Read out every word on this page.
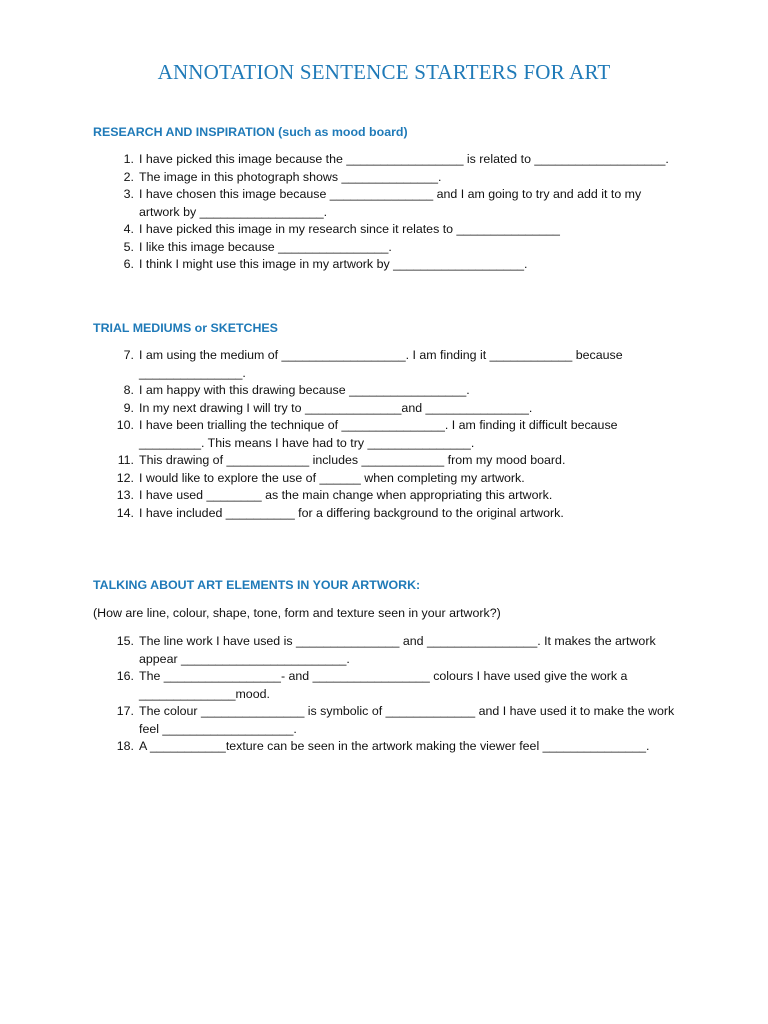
ANNOTATION SENTENCE STARTERS FOR ART
RESEARCH AND INSPIRATION (such as mood board)
1. I have picked this image because the _________________ is related to ___________________.
2. The image in this photograph shows ______________.
3. I have chosen this image because _______________ and I am going to try and add it to my artwork by __________________.
4. I have picked this image in my research since it relates to _______________
5. I like this image because ________________.
6. I think I might use this image in my artwork by ___________________.
TRIAL MEDIUMS or SKETCHES
7. I am using the medium of __________________. I am finding it ____________ because _______________.
8. I am happy with this drawing because _________________.
9. In my next drawing I will try to ______________and _______________.
10. I have been trialling the technique of _______________. I am finding it difficult because _________. This means I have had to try _______________.
11. This drawing of ____________ includes ____________ from my mood board.
12. I would like to explore the use of ______ when completing my artwork.
13. I have used ________ as the main change when appropriating this artwork.
14. I have included __________ for a differing background to the original artwork.
TALKING ABOUT ART ELEMENTS IN YOUR ARTWORK:
(How are line, colour, shape, tone, form and texture seen in your artwork?)
15. The line work I have used is _______________ and ________________. It makes the artwork appear ________________________.
16. The _________________- and _________________ colours I have used give the work a ______________mood.
17. The colour _______________ is symbolic of _____________ and I have used it to make the work feel ___________________.
18. A ___________texture can be seen in the artwork making the viewer feel _______________.
